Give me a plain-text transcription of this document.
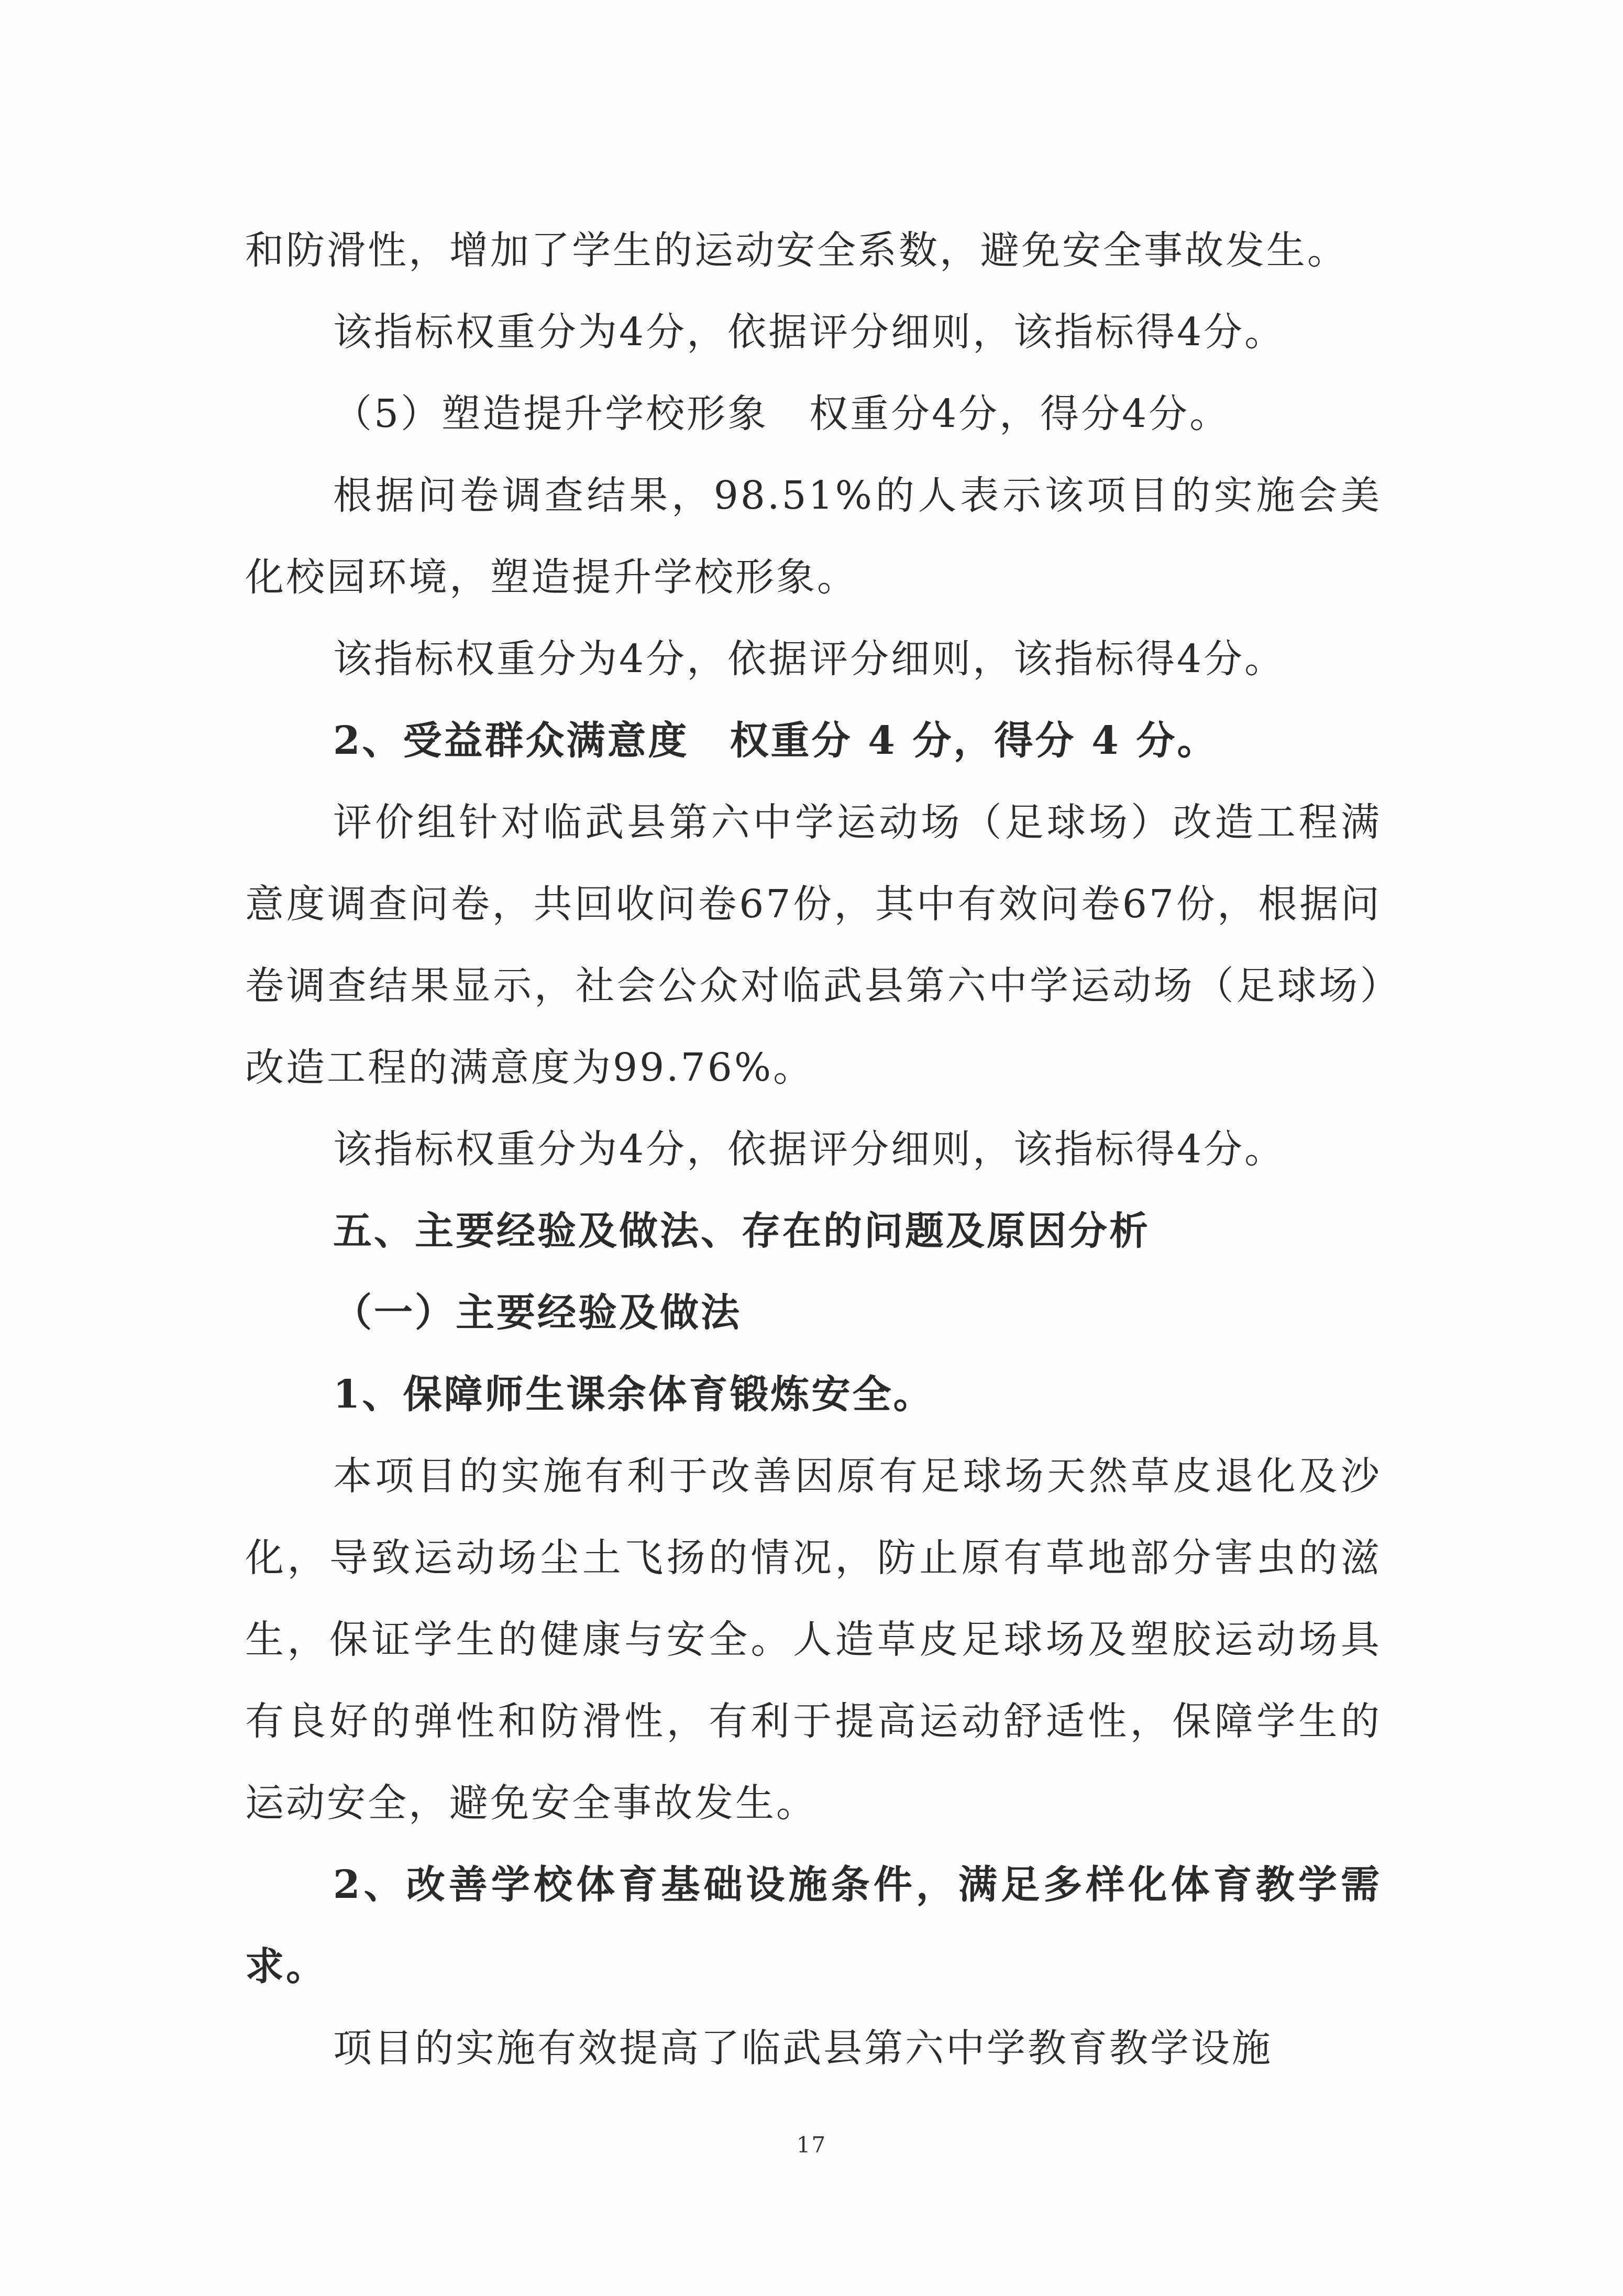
和防滑性，增加了学生的运动安全系数，避免安全事故发生。

该指标权重分为4分，依据评分细则，该指标得4分。

（5）塑造提升学校形象　权重分4分，得分4分。

根据问卷调查结果，98.51%的人表示该项目的实施会美化校园环境，塑造提升学校形象。

该指标权重分为4分，依据评分细则，该指标得4分。

2、受益群众满意度　权重分 4 分，得分 4 分。

评价组针对临武县第六中学运动场（足球场）改造工程满意度调查问卷，共回收问卷67份，其中有效问卷67份，根据问卷调查结果显示，社会公众对临武县第六中学运动场（足球场）改造工程的满意度为99.76%。

该指标权重分为4分，依据评分细则，该指标得4分。

五、主要经验及做法、存在的问题及原因分析

（一）主要经验及做法

1、保障师生课余体育锻炼安全。

本项目的实施有利于改善因原有足球场天然草皮退化及沙化，导致运动场尘土飞扬的情况，防止原有草地部分害虫的滋生，保证学生的健康与安全。人造草皮足球场及塑胶运动场具有良好的弹性和防滑性，有利于提高运动舒适性，保障学生的运动安全，避免安全事故发生。

2、改善学校体育基础设施条件，满足多样化体育教学需求。

项目的实施有效提高了临武县第六中学教育教学设施

17
